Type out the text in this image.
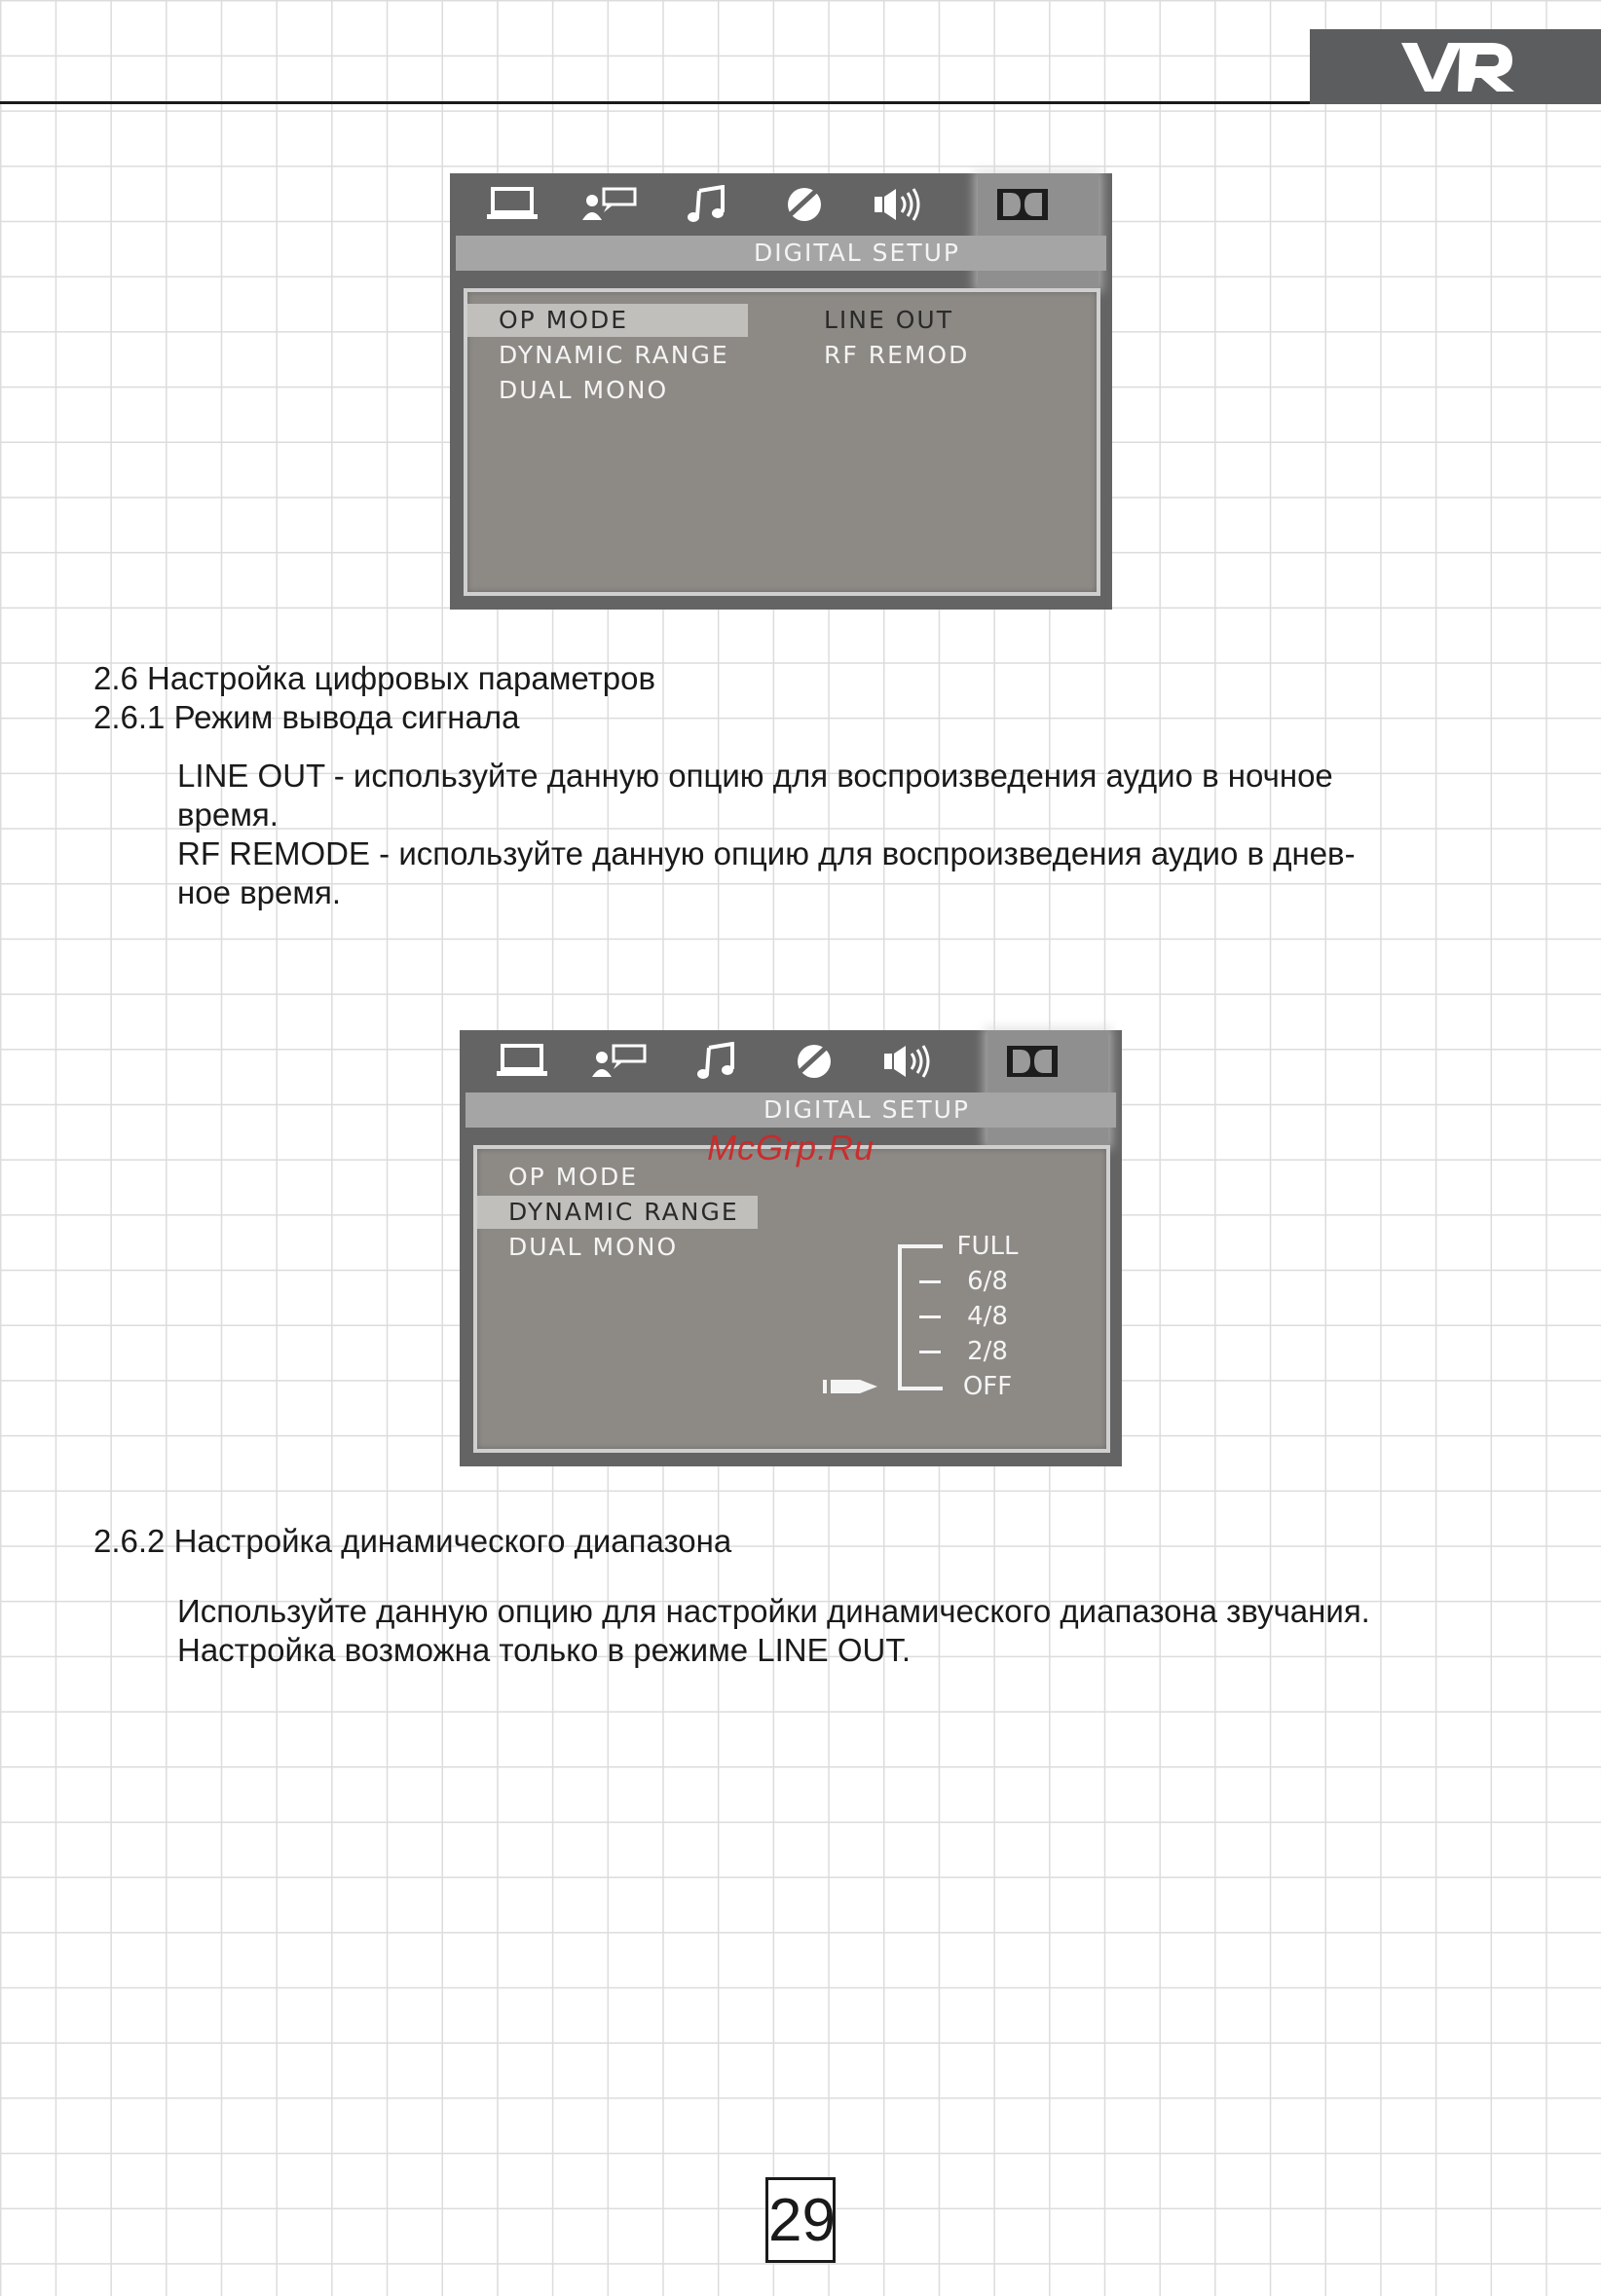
DIGITAL SETUP
OP MODE
DYNAMIC RANGE
DUAL MONO
LINE OUT
RF REMOD
2.6 Настройка цифровых параметров
2.6.1 Режим вывода сигнала
LINE OUT - используйте данную опцию для воспроизведения аудио в ночное
время.
RF REMODE - используйте данную опцию для воспроизведения аудио в днев-
ное время.
DIGITAL SETUP
OP MODE
DYNAMIC RANGE
DUAL MONO	FULL
6/8
4/8
2/8
OFF
McGrp.Ru
2.6.2 Настройка динамического диапазона
Используйте данную опцию для настройки динамического диапазона звучания.
Настройка возможна только в режиме LINE OUT.
29
